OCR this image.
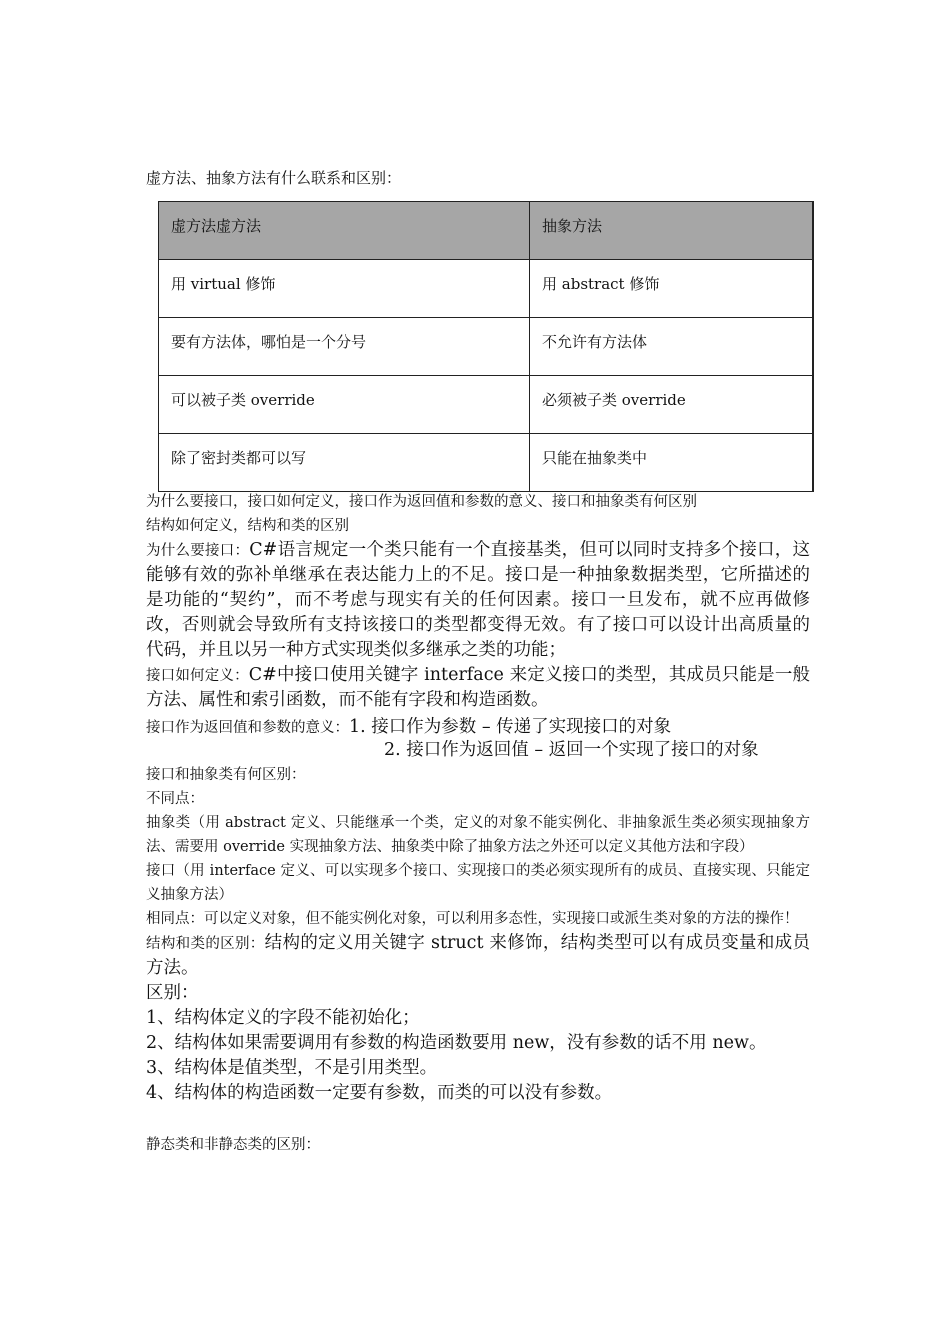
虚方法、抽象方法有什么联系和区别：
虚方法虚方法	抽象方法
用 virtual 修饰	用 abstract 修饰
要有方法体，哪怕是一个分号	不允许有方法体
可以被子类 override	必须被子类 override
除了密封类都可以写	只能在抽象类中
为什么要接口，接口如何定义，接口作为返回值和参数的意义、接口和抽象类有何区别
结构如何定义，结构和类的区别

为什么要接口：C#语言规定一个类只能有一个直接基类，但可以同时支持多个接口，这能够有效的弥补单继承在表达能力上的不足。接口是一种抽象数据类型，它所描述的是功能的“契约”，而不考虑与现实有关的任何因素。接口一旦发布，就不应再做修改，否则就会导致所有支持该接口的类型都变得无效。有了接口可以设计出高质量的代码，并且以另一种方式实现类似多继承之类的功能；

接口如何定义：C#中接口使用关键字 interface 来定义接口的类型，其成员只能是一般方法、属性和索引函数，而不能有字段和构造函数。

接口作为返回值和参数的意义：1. 接口作为参数 – 传递了实现接口的对象
2. 接口作为返回值 – 返回一个实现了接口的对象
接口和抽象类有何区别：
不同点：

抽象类（用 abstract 定义、只能继承一个类，定义的对象不能实例化、非抽象派生类必须实现抽象方法、需要用 override 实现抽象方法、抽象类中除了抽象方法之外还可以定义其他方法和字段）

接口（用 interface 定义、可以实现多个接口、实现接口的类必须实现所有的成员、直接实现、只能定义抽象方法）

相同点：可以定义对象，但不能实例化对象，可以利用多态性，实现接口或派生类对象的方法的操作！

结构和类的区别：结构的定义用关键字 struct 来修饰，结构类型可以有成员变量和成员方法。

区别：
1、结构体定义的字段不能初始化；
2、结构体如果需要调用有参数的构造函数要用 new，没有参数的话不用 new。
3、结构体是值类型，不是引用类型。
4、结构体的构造函数一定要有参数，而类的可以没有参数。
静态类和非静态类的区别：
